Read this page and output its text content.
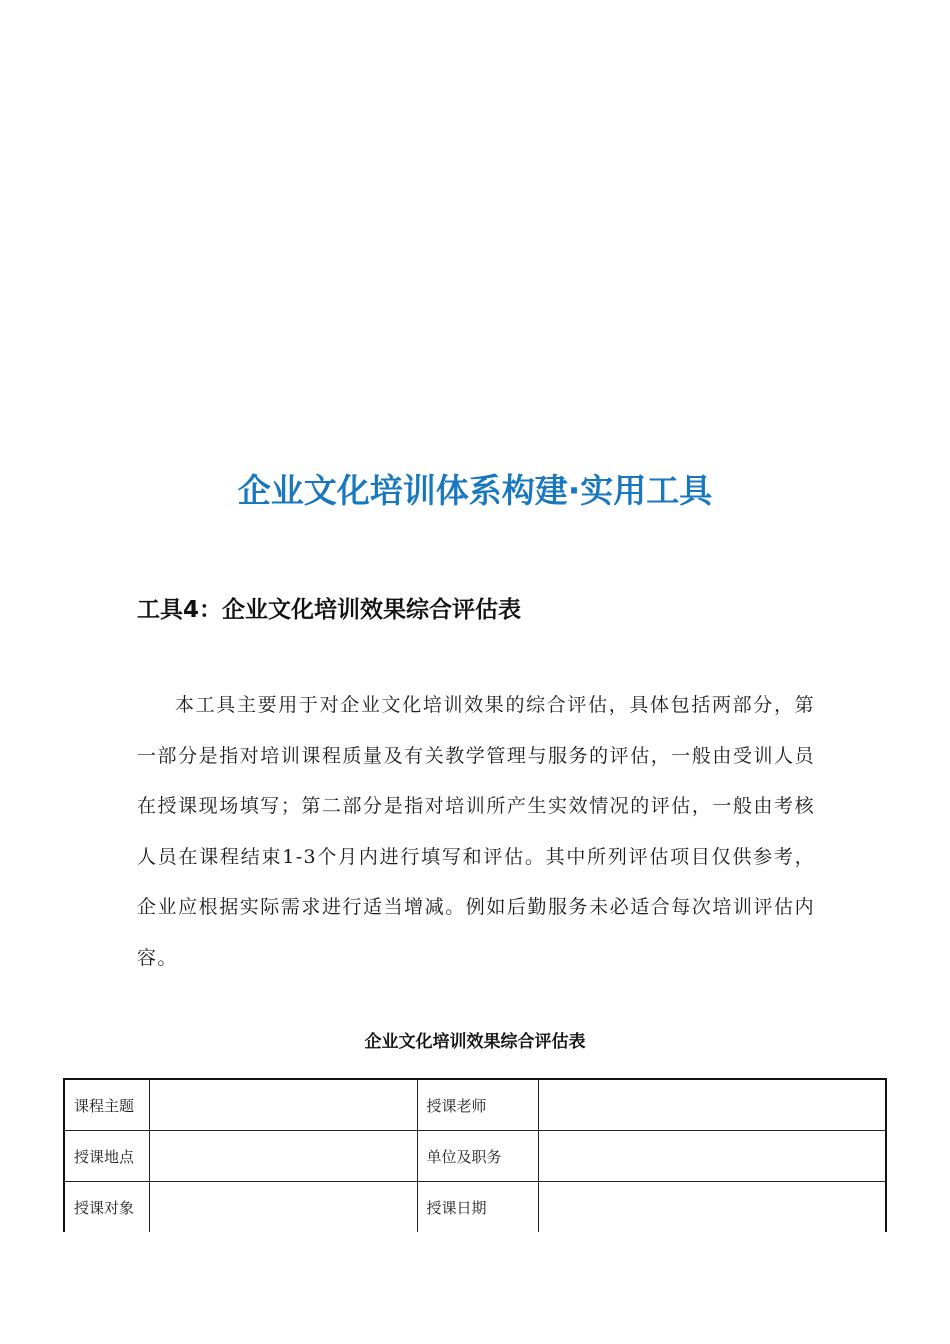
企业文化培训体系构建·实用工具
工具4：企业文化培训效果综合评估表

本工具主要用于对企业文化培训效果的综合评估，具体包括两部分，第一部分是指对培训课程质量及有关教学管理与服务的评估，一般由受训人员在授课现场填写；第二部分是指对培训所产生实效情况的评估，一般由考核人员在课程结束1-3个月内进行填写和评估。其中所列评估项目仅供参考，企业应根据实际需求进行适当增减。例如后勤服务未必适合每次培训评估内容。

企业文化培训效果综合评估表
课程主题		授课老师	
授课地点		单位及职务	
授课对象		授课日期	
